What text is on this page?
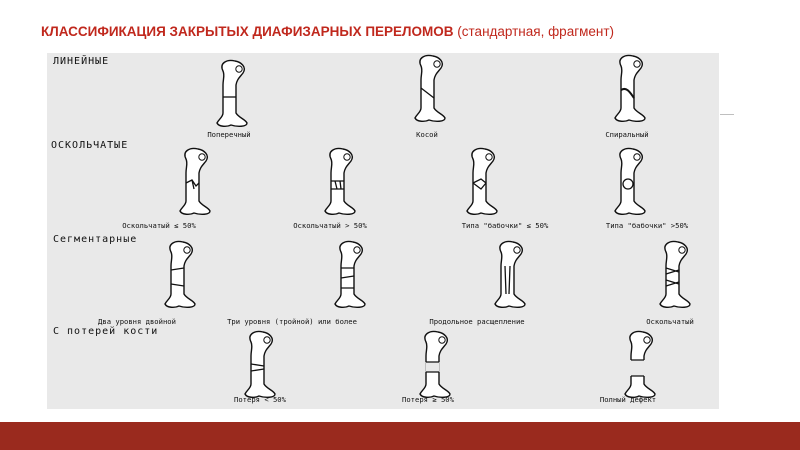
КЛАССИФИКАЦИЯ ЗАКРЫТЫХ ДИАФИЗАРНЫХ ПЕРЕЛОМОВ (стандартная, фрагмент)
ЛИНЕЙНЫЕ
Поперечный	Косой	Спиральный
ОСКОЛЬЧАТЫЕ
Оскольчатый ≤ 50%	Оскольчатый > 50%	Типа "бабочки" ≤ 50%	Типа "бабочки" >50%
Сегментарные
Два уровня двойной	Три уровня (тройной) или более	Продольное расщепление	Оскольчатый
С потерей кости
Потеря < 50%	Потеря ≥ 50%	Полный дефект
